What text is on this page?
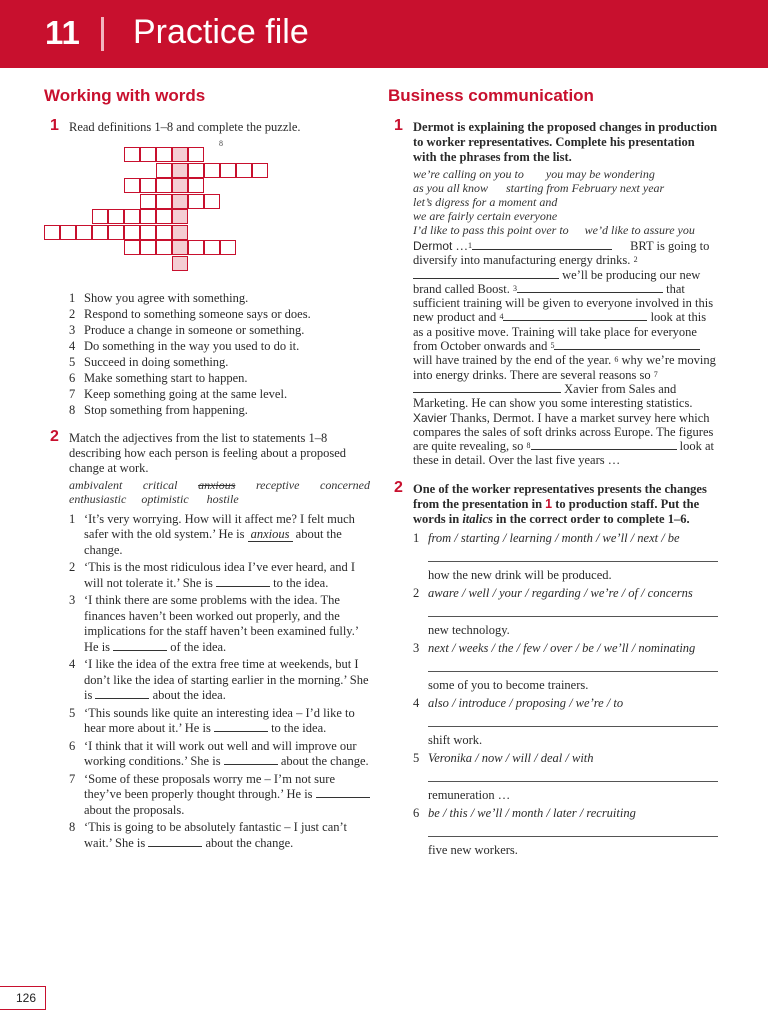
11 Practice file
Working with words
1 Read definitions 1–8 and complete the puzzle.
8
1 Show you agree with something.
2 Respond to something someone says or does.
3 Produce a change in someone or something.
4 Do something in the way you used to do it.
5 Succeed in doing something.
6 Make something start to happen.
7 Keep something going at the same level.
8 Stop something from happening.
2 Match the adjectives from the list to statements 1–8 describing how each person is feeling about a proposed change at work.
ambivalent critical anxious receptive concerned
enthusiastic optimistic hostile
1 ‘It’s very worrying. How will it affect me? I felt much safer with the old system.’ He is anxious about the change.
2 ‘This is the most ridiculous idea I’ve ever heard, and I will not tolerate it.’ She is	to the idea.
3 ‘I think there are some problems with the idea. The finances haven’t been worked out properly, and the implications for the staff haven’t been examined fully.’ He is	of the idea.
4 ‘I like the idea of the extra free time at weekends, but I don’t like the idea of starting earlier in the morning.’ She is	about the idea.
5 ‘This sounds like quite an interesting idea – I’d like to hear more about it.’ He is	to the idea.
6 ‘I think that it will work out well and will improve our working conditions.’ She is	about the change.
7 ‘Some of these proposals worry me – I’m not sure they’ve been properly thought through.’ He is  about the proposals.
8 ‘This is going to be absolutely fantastic – I just can’t wait.’ She is	about the change.
Business communication
1 Dermot is explaining the proposed changes in production to worker representatives. Complete his presentation with the phrases from the list.
we’re calling on you to you may be wondering
as you all know starting from February next year
let’s digress for a moment and
we are fairly certain everyone
I’d like to pass this point over to we’d like to assure you
Dermot …$^1$	BRT is going to diversify into manufacturing energy drinks. $^2$ we’ll be producing our new brand called Boost. $^3$	that sufficient training will be given to everyone involved in this new product and $^4$	look at this as a positive move. Training will take place for everyone from October onwards and $^5$ will have trained by the end of the year. $^6$ why we’re moving into energy drinks. There are several reasons so $^7$ Xavier from Sales and Marketing. He can show you some interesting statistics.
Xavier Thanks, Dermot. I have a market survey here which compares the sales of soft drinks across Europe. The figures are quite revealing, so $^8$	look at these in detail. Over the last five years …
2 One of the worker representatives presents the changes from the presentation in 1 to production staff. Put the words in italics in the correct order to complete 1–6.
1 from / starting / learning / month / we’ll / next / be
how the new drink will be produced.
2 aware / well / your / regarding / we’re / of / concerns
new technology.
3 next / weeks / the / few / over / be / we’ll / nominating
some of you to become trainers.
4 also / introduce / proposing / we’re / to
shift work.
5 Veronika / now / will / deal / with
remuneration …
6 be / this / we’ll / month / later / recruiting
five new workers.
126
